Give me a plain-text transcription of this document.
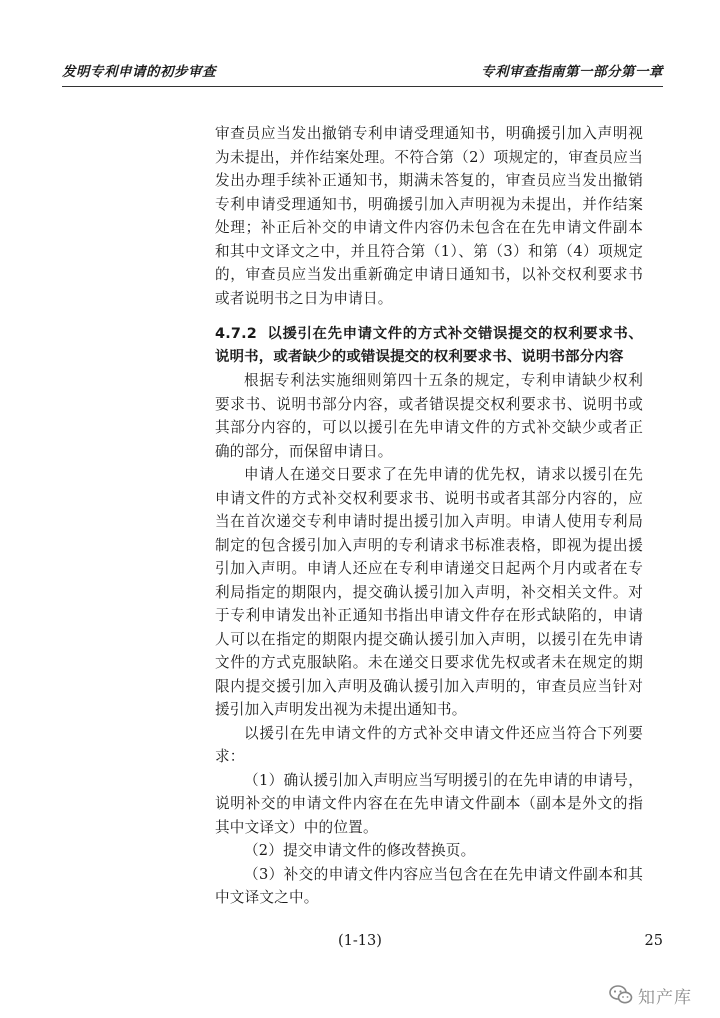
发明专利申请的初步审查	专利审查指南第一部分第一章

审查员应当发出撤销专利申请受理通知书，明确援引加入声明视为未提出，并作结案处理。不符合第（2）项规定的，审查员应当发出办理手续补正通知书，期满未答复的，审查员应当发出撤销专利申请受理通知书，明确援引加入声明视为未提出，并作结案处理；补正后补交的申请文件内容仍未包含在在先申请文件副本和其中文译文之中，并且符合第（1）、第（3）和第（4）项规定的，审查员应当发出重新确定申请日通知书，以补交权利要求书或者说明书之日为申请日。

4.7.2 以援引在先申请文件的方式补交错误提交的权利要求书、说明书，或者缺少的或错误提交的权利要求书、说明书部分内容

根据专利法实施细则第四十五条的规定，专利申请缺少权利要求书、说明书部分内容，或者错误提交权利要求书、说明书或其部分内容的，可以以援引在先申请文件的方式补交缺少或者正确的部分，而保留申请日。

申请人在递交日要求了在先申请的优先权，请求以援引在先申请文件的方式补交权利要求书、说明书或者其部分内容的，应当在首次递交专利申请时提出援引加入声明。申请人使用专利局制定的包含援引加入声明的专利请求书标准表格，即视为提出援引加入声明。申请人还应在专利申请递交日起两个月内或者在专利局指定的期限内，提交确认援引加入声明，补交相关文件。对于专利申请发出补正通知书指出申请文件存在形式缺陷的，申请人可以在指定的期限内提交确认援引加入声明，以援引在先申请文件的方式克服缺陷。未在递交日要求优先权或者未在规定的期限内提交援引加入声明及确认援引加入声明的，审查员应当针对援引加入声明发出视为未提出通知书。

以援引在先申请文件的方式补交申请文件还应当符合下列要求：

（1）确认援引加入声明应当写明援引的在先申请的申请号，说明补交的申请文件内容在在先申请文件副本（副本是外文的指其中文译文）中的位置。

（2）提交申请文件的修改替换页。

（3）补交的申请文件内容应当包含在在先申请文件副本和其中文译文之中。

(1-13)	25
知产库
